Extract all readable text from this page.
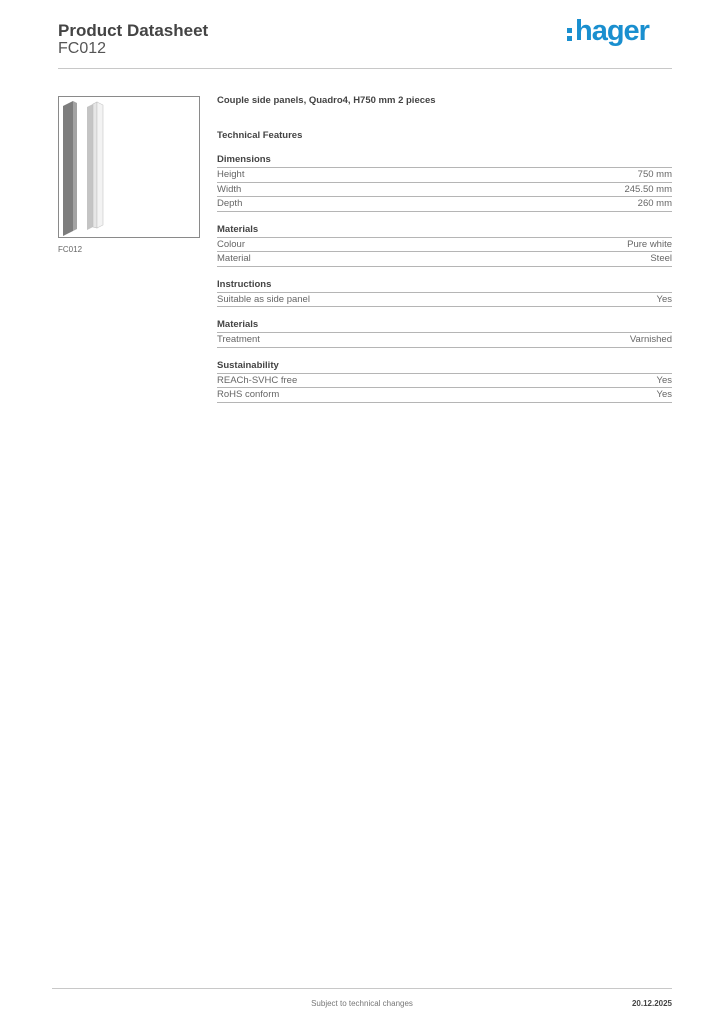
Product Datasheet
FC012
hager
FC012
Couple side panels, Quadro4, H750 mm 2 pieces
Technical Features
Dimensions
Height	750 mm
Width	245.50 mm
Depth	260 mm
Materials
Colour	Pure white
Material	Steel
Instructions
Suitable as side panel	Yes
Materials
Treatment	Varnished
Sustainability
REACh-SVHC free	Yes
RoHS conform	Yes
Subject to technical changes	20.12.2025
